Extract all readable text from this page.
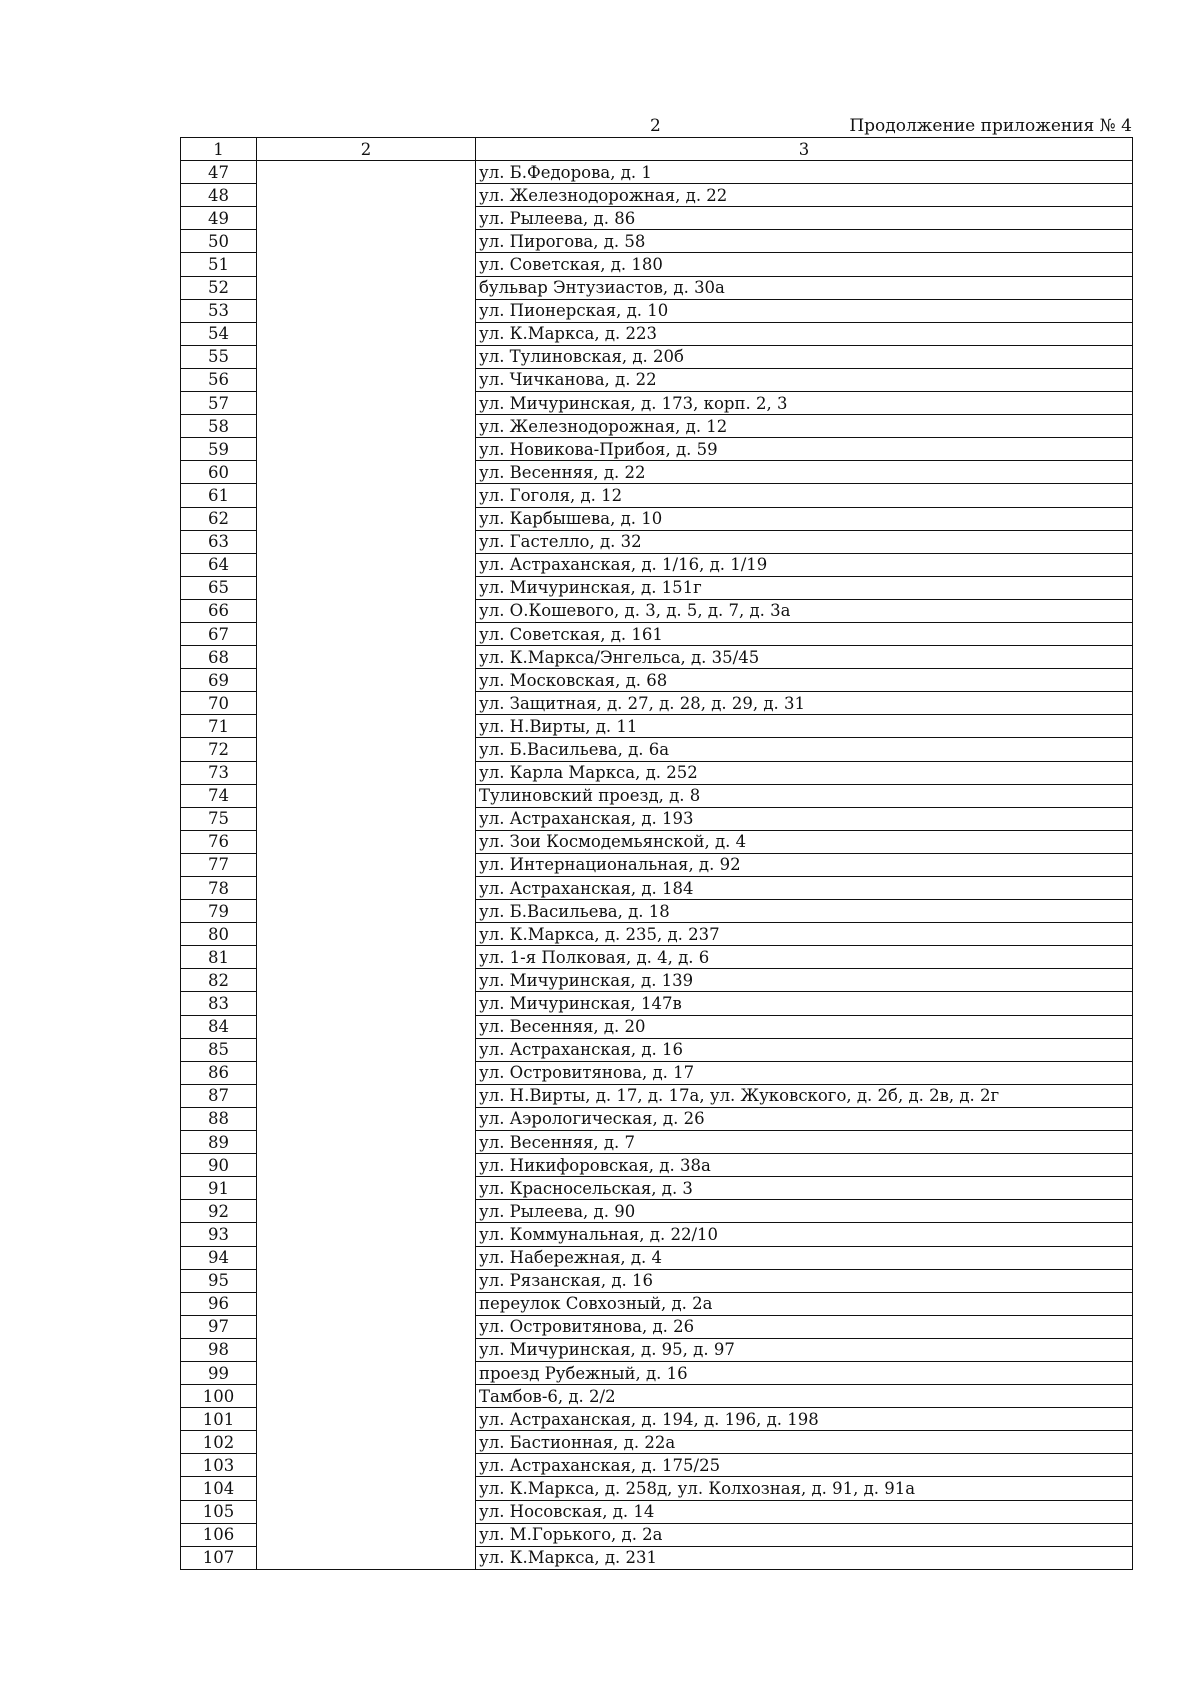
2	Продолжение приложения № 4
1	2	3
47		ул. Б.Федорова, д. 1
48		ул. Железнодорожная, д. 22
49		ул. Рылеева, д. 86
50		ул. Пирогова, д. 58
51		ул. Советская, д. 180
52		бульвар Энтузиастов, д. 30а
53		ул. Пионерская, д. 10
54		ул. К.Маркса, д. 223
55		ул. Тулиновская, д. 20б
56		ул. Чичканова, д. 22
57		ул. Мичуринская, д. 173, корп. 2, 3
58		ул. Железнодорожная, д. 12
59		ул. Новикова-Прибоя, д. 59
60		ул. Весенняя, д. 22
61		ул. Гоголя, д. 12
62		ул. Карбышева, д. 10
63		ул. Гастелло, д. 32
64		ул. Астраханская, д. 1/16, д. 1/19
65		ул. Мичуринская, д. 151г
66		ул. О.Кошевого, д. 3, д. 5, д. 7, д. 3а
67		ул. Советская, д. 161
68		ул. К.Маркса/Энгельса, д. 35/45
69		ул. Московская, д. 68
70		ул. Защитная, д. 27, д. 28, д. 29, д. 31
71		ул. Н.Вирты, д. 11
72		ул. Б.Васильева, д. 6а
73		ул. Карла Маркса, д. 252
74		Тулиновский проезд, д. 8
75		ул. Астраханская, д. 193
76		ул. Зои Космодемьянской, д. 4
77		ул. Интернациональная, д. 92
78		ул. Астраханская, д. 184
79		ул. Б.Васильева, д. 18
80		ул. К.Маркса, д. 235, д. 237
81		ул. 1-я Полковая, д. 4, д. 6
82		ул. Мичуринская, д. 139
83		ул. Мичуринская, 147в
84		ул. Весенняя, д. 20
85		ул. Астраханская, д. 16
86		ул. Островитянова, д. 17
87		ул. Н.Вирты, д. 17, д. 17а, ул. Жуковского, д. 2б, д. 2в, д. 2г
88		ул. Аэрологическая, д. 26
89		ул. Весенняя, д. 7
90		ул. Никифоровская, д. 38а
91		ул. Красносельская, д. 3
92		ул. Рылеева, д. 90
93		ул. Коммунальная, д. 22/10
94		ул. Набережная, д. 4
95		ул. Рязанская, д. 16
96		переулок Совхозный, д. 2а
97		ул. Островитянова, д. 26
98		ул. Мичуринская, д. 95, д. 97
99		проезд Рубежный, д. 16
100		Тамбов-6, д. 2/2
101		ул. Астраханская, д. 194, д. 196, д. 198
102		ул. Бастионная, д. 22а
103		ул. Астраханская, д. 175/25
104		ул. К.Маркса, д. 258д, ул. Колхозная, д. 91, д. 91а
105		ул. Носовская, д. 14
106		ул. М.Горького, д. 2а
107		ул. К.Маркса, д. 231
